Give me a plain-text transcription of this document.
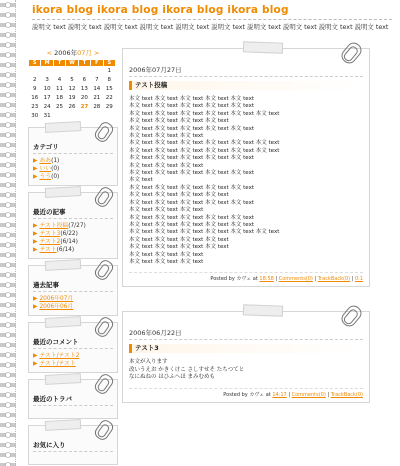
ikora blog ikora blog ikora blog ikora blog
説明文 text 説明文 text 説明文 text 説明文 text 説明文 text 説明文 text 説明文 text 説明文 text 説明文 text 説明文 text
< 2006年07月 >
S	M	T	W	T	F	S
						1
2	3	4	5	6	7	8
9	10	11	12	13	14	15
16	17	18	19	20	21	22
23	24	25	26	27	28	29
30	31					
カテゴリ
▶ ああ(1)
▶ いい(0)
▶ うう(0)
最近の記事
▶ テスト投稿(7/27)
▶ テスト3(6/22)
▶ テスト2(6/14)
▶ テスト(6/14)
過去記事
▶ 2006年07月
▶ 2006年06月
最近のコメント
▶ テスト/テスト2
▶ テスト/テスト
最近のトラバ
お気に入り
2006年07月27日
テスト投稿
本文 text 本文 text 本文 text 本文 text 本文 text
本文 text 本文 text 本文 text 本文 text 本文 text
本文 text 本文 text 本文 text 本文 text 本文 text 本文 text
本文 text 本文 text 本文 text 本文 text
本文 text 本文 text 本文 text 本文 text 本文 text
本文 text 本文 text 本文 text
本文 text 本文 text 本文 text 本文 text 本文 text 本文 text
本文 text 本文 text 本文 text 本文 text 本文 text 本文 text
本文 text 本文 text 本文 text 本文 text 本文 text
本文 text 本文 text 本文 text
本文 text 本文 text 本文 text 本文 text 本文 text
本文 text
本文 text 本文 text 本文 text 本文 text 本文 text
本文 text 本文 text 本文 text 本文 text
本文 text 本文 text 本文 text 本文 text 本文 text
本文 text 本文 text 本文 text
本文 text 本文 text 本文 text 本文 text 本文 text
本文 text 本文 text 本文 text 本文 text 本文 text
本文 text 本文 text 本文 text 本文 text 本文 text 本文 text
本文 text 本文 text 本文 text 本文 text
本文 text 本文 text 本文 text 本文 text
本文 text 本文 text 本文 text
本文 text 本文 text 本文 text
Posted by カヴェ at 18:58 | Comments(0) | TrackBack(0) | 0:1
2006年06月22日
テスト3
本文が入ります
改いうえお かきくけこ さしすせそ たちつてと
なにぬねの はひふへほ まみむめも
Posted by カヴェ at 14:17 | Comments(0) | TrackBack(0)
